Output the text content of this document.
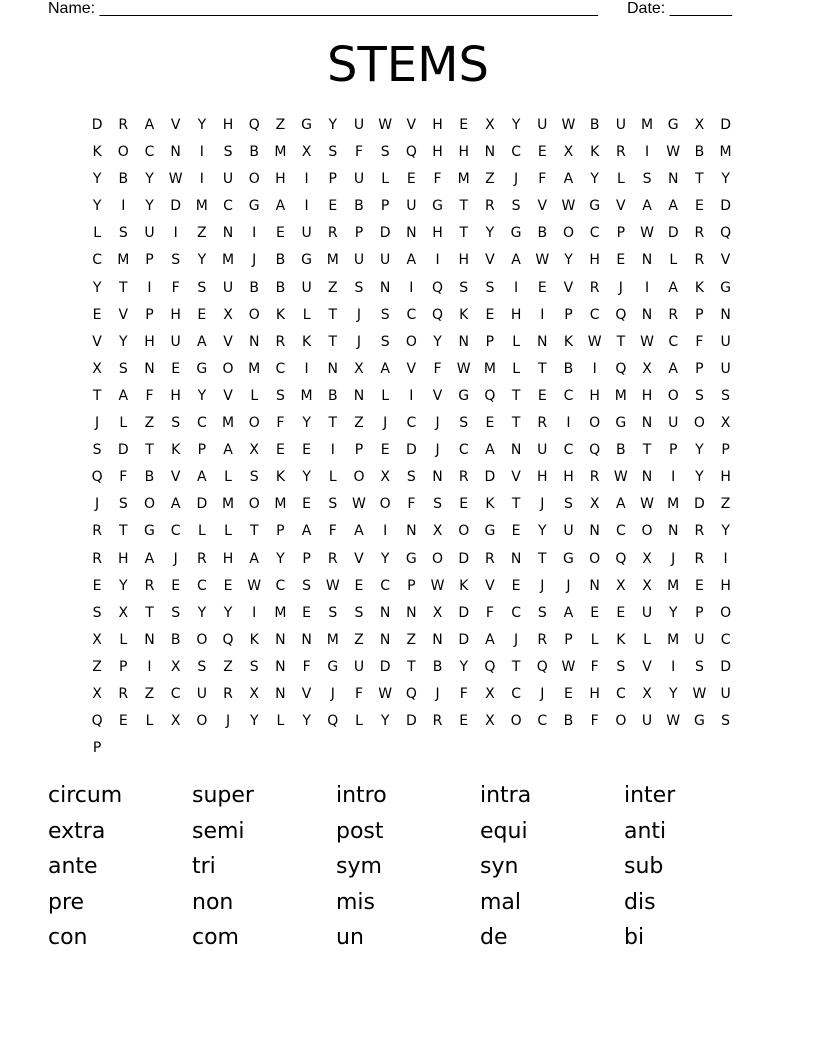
Name: ________________________________________________________ Date: _______
STEMS
D	R	A	V	Y	H	Q	Z	G	Y	U	W	V	H	E	X	Y	U	W	B	U	M	G	X	D
K	O	C	N	I	S	B	M	X	S	F	S	Q	H	H	N	C	E	X	K	R	I	W	B	M
Y	B	Y	W	I	U	O	H	I	P	U	L	E	F	M	Z	J	F	A	Y	L	S	N	T	Y
Y	I	Y	D	M	C	G	A	I	E	B	P	U	G	T	R	S	V	W G	V	A	A	E	D
L	S	U	I	Z	N	I	E	U	R	P	D	N	H	T	Y	G	B	O	C	P	W D	R	Q
C	M	P	S	Y	M	J	B	G	M	U	U	A	I	H	V	A	W	Y	H	E	N	L	R	V
Y	T	I	F	S	U	B	B	U	Z	S	N	I	Q	S	S	I	E	V	R	J	I	A	K	G
E	V	P	H	E	X	O	K	L	T	J	S	C	Q	K	E	H	I	P	C	Q	N	R	P	N
V	Y	H	U	A	V	N	R	K	T	J	S	O	Y	N	P	L	N	K	W	T	W	C	F	U
X	S	N	E	G	O	M	C	I	N	X	A	V	F	W M	L	T	B	I	Q	X	A	P	U
T	A	F	H	Y	V	L	S	M	B	N	L	I	V	G	Q	T	E	C	H	M	H	O	S	S
J	L	Z	S	C	M	O	F	Y	T	Z	J	C	J	S	E	T	R	I	O	G	N	U	O	X
S	D	T	K	P	A	X	E	E	I	P	E	D	J	C	A	N	U	C	Q	B	T	P	Y	P
Q	F	B	V	A	L	S	K	Y	L	O	X	S	N	R	D	V	H	H	R	W	N	I	Y	H
J	S	O	A	D	M	O	M	E	S	W O	F	S	E	K	T	J	S	X	A	W M	D	Z
R	T	G	C	L	L	T	P	A	F	A	I	N	X	O	G	E	Y	U	N	C	O	N	R	Y
R	H	A	J	R	H	A	Y	P	R	V	Y	G	O	D	R	N	T	G	O	Q	X	J	R	I
E	Y	R	E	C	E	W	C	S	W	E	C	P	W	K	V	E	J	J	N	X	X	M	E	H
S	X	T	S	Y	Y	I	M	E	S	S	N	N	X	D	F	C	S	A	E	E	U	Y	P	O
X	L	N	B	O	Q	K	N	N	M	Z	N	Z	N	D	A	J	R	P	L	K	L	M	U	C
Z	P	I	X	S	Z	S	N	F	G	U	D	T	B	Y	Q	T	Q W	F	S	V	I	S	D
X	R	Z	C	U	R	X	N	V	J	F	W Q	J	F	X	C	J	E	H	C	X	Y	W	U
Q	E	L	X	O	J	Y	L	Y	Q	L	Y	D	R	E	X	O	C	B	F	O	U	W G	S
P
circum	super	intro	intra	inter
extra	semi	post	equi	anti
ante	tri	sym	syn	sub
pre	non	mis	mal	dis
con	com	un	de	bi
